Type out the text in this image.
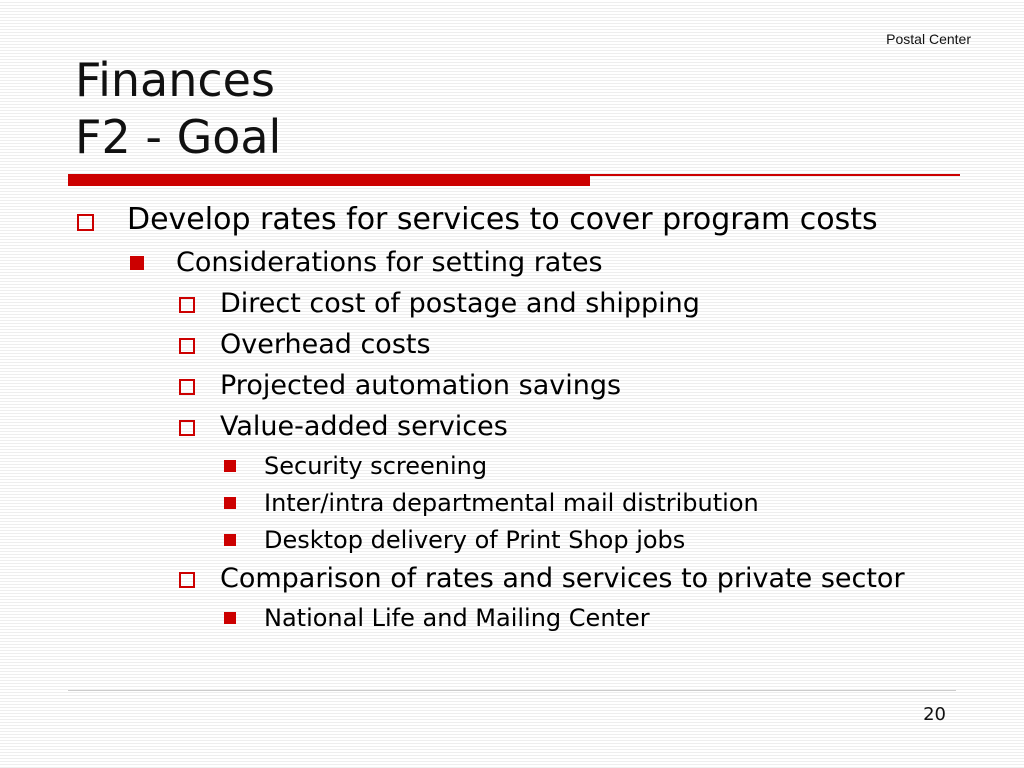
Postal Center
Finances
F2 - Goal
Develop rates for services to cover program costs
Considerations for setting rates
Direct cost of postage and shipping
Overhead costs
Projected automation savings
Value-added services
Security screening
Inter/intra departmental mail distribution
Desktop delivery of Print Shop jobs
Comparison of rates and services to private sector
National Life and Mailing Center
20
